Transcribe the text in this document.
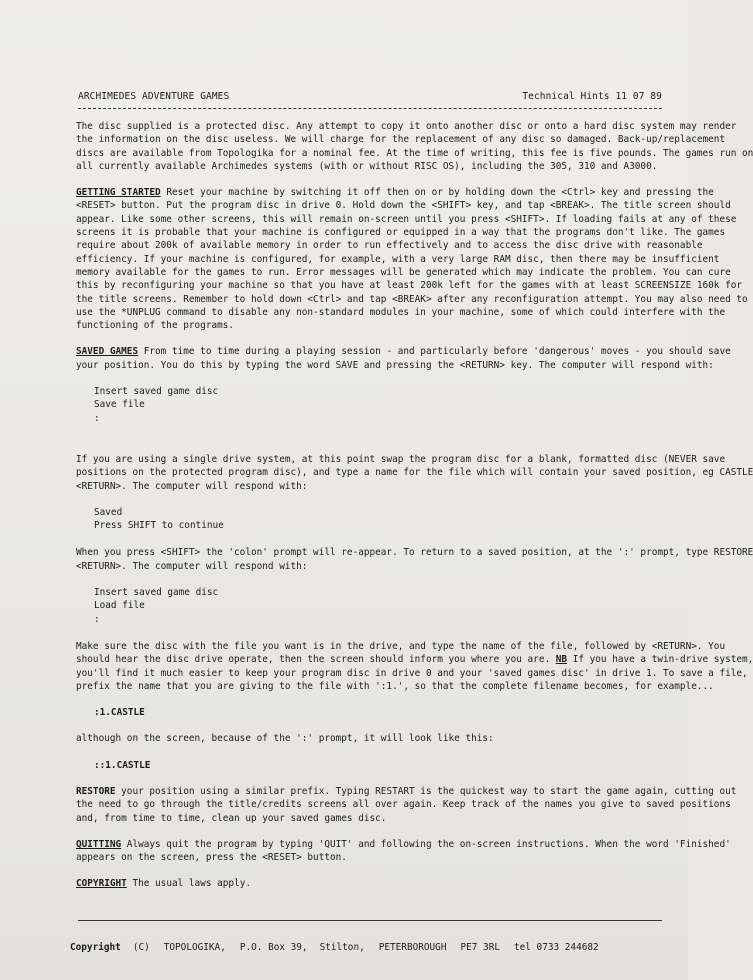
ARCHIMEDES ADVENTURE GAMES	Technical Hints 11 07 89

The disc supplied is a protected disc. Any attempt to copy it onto another disc or onto a hard disc system may render

the information on the disc useless. We will charge for the replacement of any disc so damaged. Back-up/replacement

discs are available from Topologika for a nominal fee. At the time of writing, this fee is five pounds. The games run on

all currently available Archimedes systems (with or without RISC OS), including the 305, 310 and A3000.

GETTING STARTED Reset your machine by switching it off then on or by holding down the <Ctrl> key and pressing the

<RESET> button. Put the program disc in drive 0. Hold down the <SHIFT> key, and tap <BREAK>. The title screen should

appear. Like some other screens, this will remain on-screen until you press <SHIFT>. If loading fails at any of these

screens it is probable that your machine is configured or equipped in a way that the programs don't like. The games

require about 200k of available memory in order to run effectively and to access the disc drive with reasonable

efficiency. If your machine is configured, for example, with a very large RAM disc, then there may be insufficient

memory available for the games to run. Error messages will be generated which may indicate the problem. You can cure

this by reconfiguring your machine so that you have at least 200k left for the games with at least SCREENSIZE 160k for

the title screens. Remember to hold down <Ctrl> and tap <BREAK> after any reconfiguration attempt. You may also need to

use the *UNPLUG command to disable any non-standard modules in your machine, some of which could interfere with the

functioning of the programs.

SAVED GAMES From time to time during a playing session - and particularly before 'dangerous' moves - you should save

your position. You do this by typing the word SAVE and pressing the <RETURN> key. The computer will respond with:

Insert saved game disc

Save file

:

If you are using a single drive system, at this point swap the program disc for a blank, formatted disc (NEVER save

positions on the protected program disc), and type a name for the file which will contain your saved position, eg CASTLE

<RETURN>. The computer will respond with:

Saved

Press SHIFT to continue

When you press <SHIFT> the 'colon' prompt will re-appear. To return to a saved position, at the ':' prompt, type RESTORE

<RETURN>. The computer will respond with:

Insert saved game disc

Load file

:

Make sure the disc with the file you want is in the drive, and type the name of the file, followed by <RETURN>. You

should hear the disc drive operate, then the screen should inform you where you are. NB If you have a twin-drive system,

you'll find it much easier to keep your program disc in drive 0 and your 'saved games disc' in drive 1. To save a file,

prefix the name that you are giving to the file with ':1.', so that the complete filename becomes, for example...

:1.CASTLE

although on the screen, because of the ':' prompt, it will look like this:

::1.CASTLE

RESTORE your position using a similar prefix. Typing RESTART is the quickest way to start the game again, cutting out

the need to go through the title/credits screens all over again. Keep track of the names you give to saved positions

and, from time to time, clean up your saved games disc.

QUITTING Always quit the program by typing 'QUIT' and following the on-screen instructions. When the word 'Finished'

appears on the screen, press the <RESET> button.

COPYRIGHT The usual laws apply.

Copyright (C) TOPOLOGIKA, P.O. Box 39, Stilton, PETERBOROUGH PE7 3RL tel 0733 244682
